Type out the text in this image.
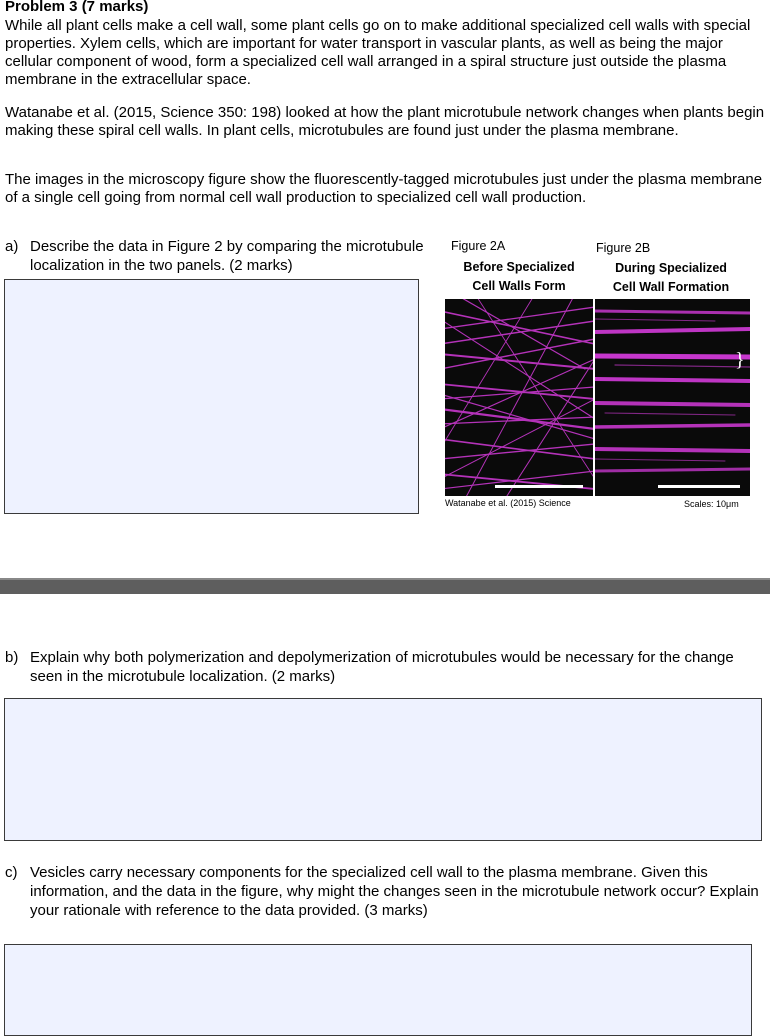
Problem 3 (7 marks)
While all plant cells make a cell wall, some plant cells go on to make additional specialized cell walls with special properties. Xylem cells, which are important for water transport in vascular plants, as well as being the major cellular component of wood, form a specialized cell wall arranged in a spiral structure just outside the plasma membrane in the extracellular space.
Watanabe et al. (2015, Science 350: 198) looked at how the plant microtubule network changes when plants begin making these spiral cell walls. In plant cells, microtubules are found just under the plasma membrane.
The images in the microscopy figure show the fluorescently-tagged microtubules just under the plasma membrane of a single cell going from normal cell wall production to specialized cell wall production.
a) Describe the data in Figure 2 by comparing the microtubule localization in the two panels. (2 marks)
Figure 2A	Figure 2B
Before Specialized
Cell Walls Form
During Specialized
Cell Wall Formation
}
Watanabe et al. (2015) Science	Scales: 10μm
b) Explain why both polymerization and depolymerization of microtubules would be necessary for the change seen in the microtubule localization. (2 marks)
c) Vesicles carry necessary components for the specialized cell wall to the plasma membrane. Given this information, and the data in the figure, why might the changes seen in the microtubule network occur? Explain your rationale with reference to the data provided. (3 marks)
